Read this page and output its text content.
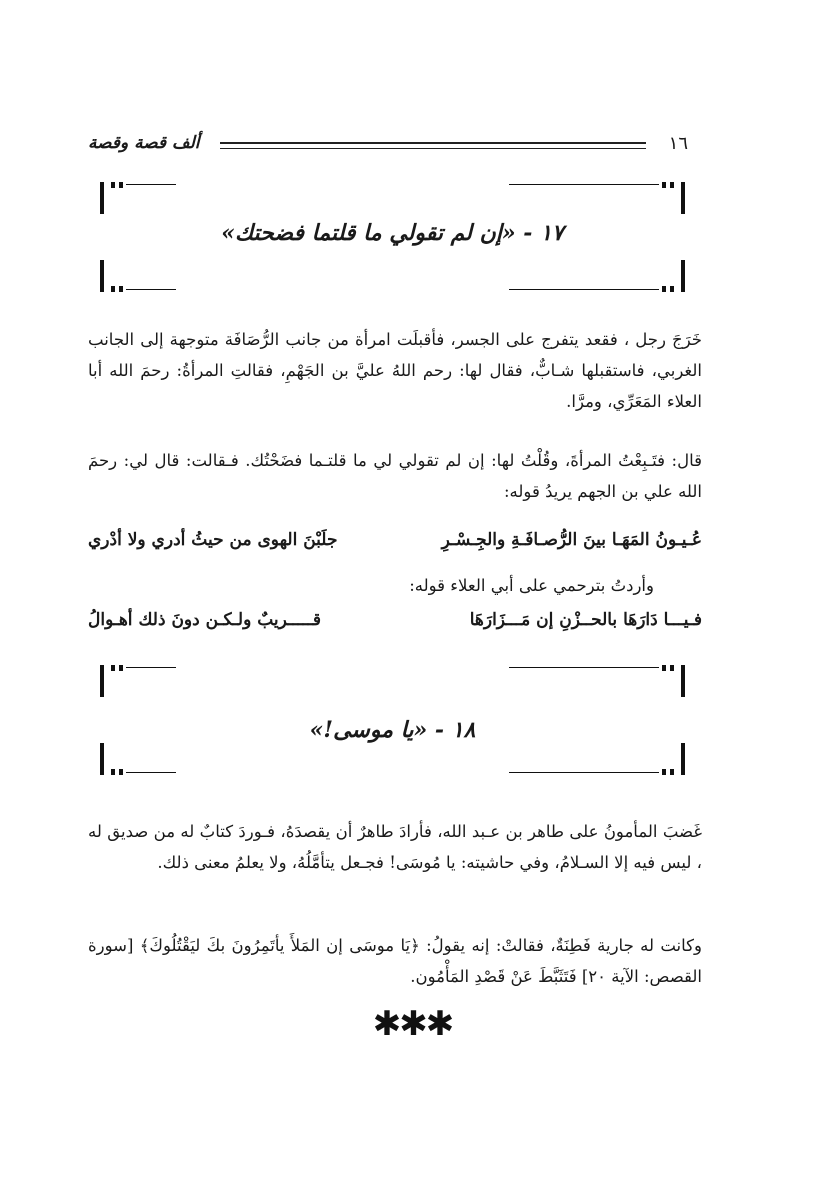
ألف قصة وقصة	١٦
١٧ - «إن لم تقولي ما قلتما فضحتك»

خَرَجَ رجل ، فقعد يتفرج على الجسر، فأقبلَت امرأة من جانب الرُّصَافَة متوجهة إلى الجانب الغربي، فاستقبلها شـابٌّ، فقال لها: رحم اللهُ عليَّ بن الجَهْمِ، فقالتِ المرأةُ: رحمَ الله أبا العلاء المَعَرِّي، ومرَّا.

قال: فتَـبِعْتُ المرأةَ، وقُلْتُ لها: إن لم تقولي لي ما قلتـما فضَحْتُك. فـقالت: قال لي: رحمَ الله علي بن الجهم يريدُ قوله:

عُـيـونُ المَهَـا بينَ الرُّصـافَـةِ والجِـسْـرِ
جلَبْنَ الهوى من حيثُ أدري ولا أدْري
وأردتُ بترحمي على أبي العلاء قوله:
فـيـــا دَارَهَا بالحــزْنِ إن مَـــزَارَهَا
قـــــريبٌ ولـكـن دونَ ذلك أهـوالُ
١٨ - «يا موسى!»

غَضبَ المأمونُ على طاهر بن عـبد الله، فأرادَ طاهرٌ أن يقصدَهُ، فـوردَ كتابٌ له من صديق له ، ليس فيه إلا السـلامُ، وفي حاشيته: يا مُوسَى! فجـعل يتأمَّلُهُ، ولا يعلمُ معنى ذلك.

وكانت له جارية فَطِنَةٌ، فقالتْ: إنه يقولُ: ﴿يَا موسَى إن المَلأَ يأتَمِرُونَ بكَ ليَقْتُلُوكَ﴾ [سورة القصص: الآية ٢٠] فَتَثَبَّطَ عَنْ قَصْدِ المَأْمُون.

✱✱✱
